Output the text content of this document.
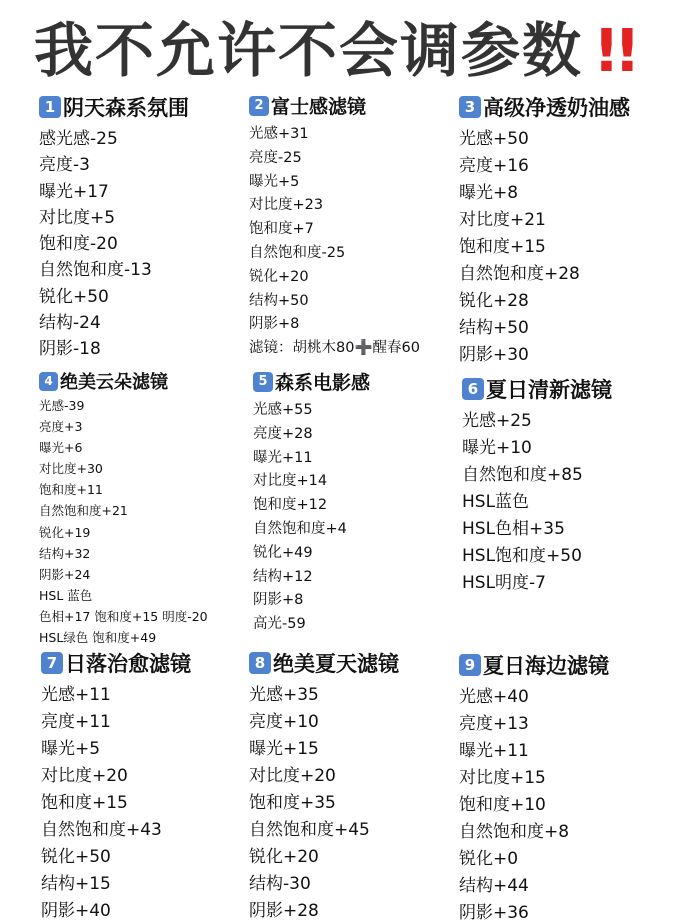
我不允许不会调参数 !!
1 阴天森系氛围
感光感-25
亮度-3
曝光+17
对比度+5
饱和度-20
自然饱和度-13
锐化+50
结构-24
阴影-18
2 富士感滤镜
光感+31
亮度-25
曝光+5
对比度+23
饱和度+7
自然饱和度-25
锐化+20
结构+50
阴影+8
滤镜：胡桃木80➕醒春60
3 高级净透奶油感
光感+50
亮度+16
曝光+8
对比度+21
饱和度+15
自然饱和度+28
锐化+28
结构+50
阴影+30
4 绝美云朵滤镜
光感-39
亮度+3
曝光+6
对比度+30
饱和度+11
自然饱和度+21
锐化+19
结构+32
阴影+24
HSL 蓝色
色相+17 饱和度+15 明度-20
HSL绿色 饱和度+49
5 森系电影感
光感+55
亮度+28
曝光+11
对比度+14
饱和度+12
自然饱和度+4
锐化+49
结构+12
阴影+8
高光-59
6 夏日清新滤镜
光感+25
曝光+10
自然饱和度+85
HSL蓝色
HSL色相+35
HSL饱和度+50
HSL明度-7
7 日落治愈滤镜
光感+11
亮度+11
曝光+5
对比度+20
饱和度+15
自然饱和度+43
锐化+50
结构+15
阴影+40
8 绝美夏天滤镜
光感+35
亮度+10
曝光+15
对比度+20
饱和度+35
自然饱和度+45
锐化+20
结构-30
阴影+28
9 夏日海边滤镜
光感+40
亮度+13
曝光+11
对比度+15
饱和度+10
自然饱和度+8
锐化+0
结构+44
阴影+36
